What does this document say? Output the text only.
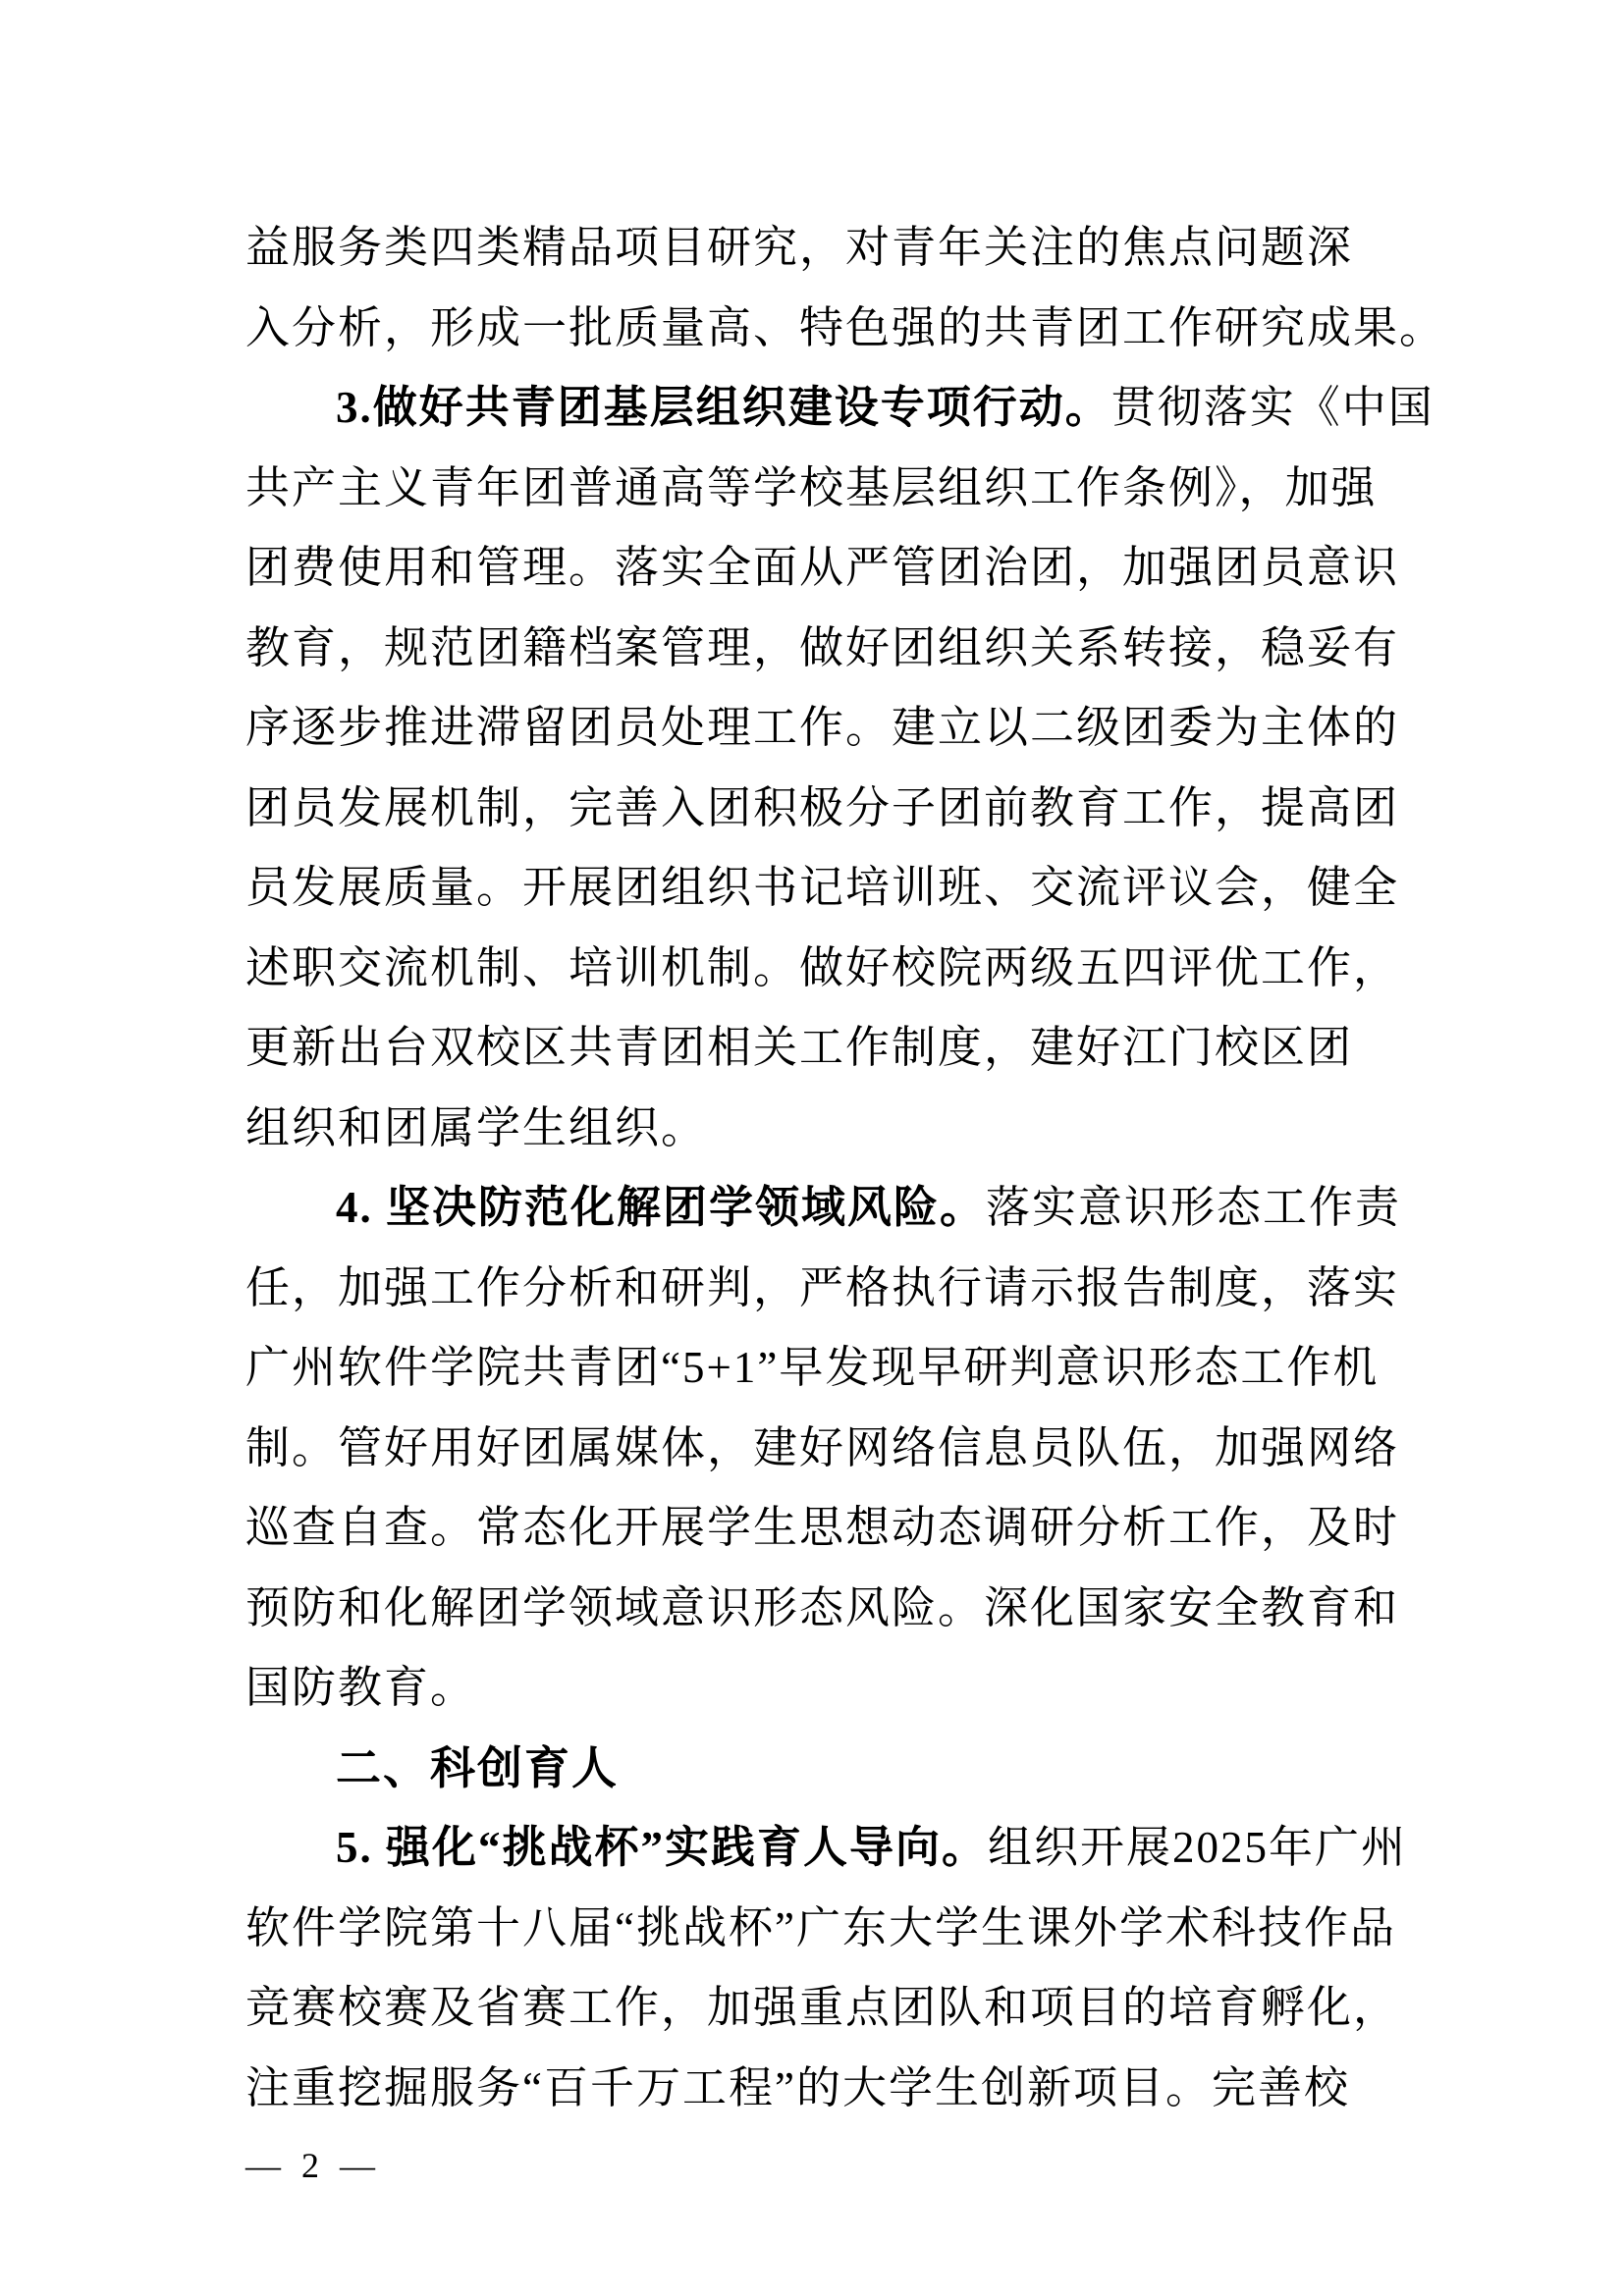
益服务类四类精品项目研究，对青年关注的焦点问题深
入分析，形成一批质量高、特色强的共青团工作研究成果。
3.做好共青团基层组织建设专项行动。贯彻落实《中国
共产主义青年团普通高等学校基层组织工作条例》，加强
团费使用和管理。落实全面从严管团治团，加强团员意识
教育，规范团籍档案管理，做好团组织关系转接，稳妥有
序逐步推进滞留团员处理工作。建立以二级团委为主体的
团员发展机制，完善入团积极分子团前教育工作，提高团
员发展质量。开展团组织书记培训班、交流评议会，健全
述职交流机制、培训机制。做好校院两级五四评优工作，
更新出台双校区共青团相关工作制度，建好江门校区团
组织和团属学生组织。
4. 坚决防范化解团学领域风险。落实意识形态工作责
任，加强工作分析和研判，严格执行请示报告制度，落实
广州软件学院共青团“5+1”早发现早研判意识形态工作机
制。管好用好团属媒体，建好网络信息员队伍，加强网络
巡查自查。常态化开展学生思想动态调研分析工作，及时
预防和化解团学领域意识形态风险。深化国家安全教育和
国防教育。
二、科创育人
5. 强化“挑战杯”实践育人导向。组织开展2025年广州
软件学院第十八届“挑战杯”广东大学生课外学术科技作品
竞赛校赛及省赛工作，加强重点团队和项目的培育孵化，
注重挖掘服务“百千万工程”的大学生创新项目。完善校
— 2 —
